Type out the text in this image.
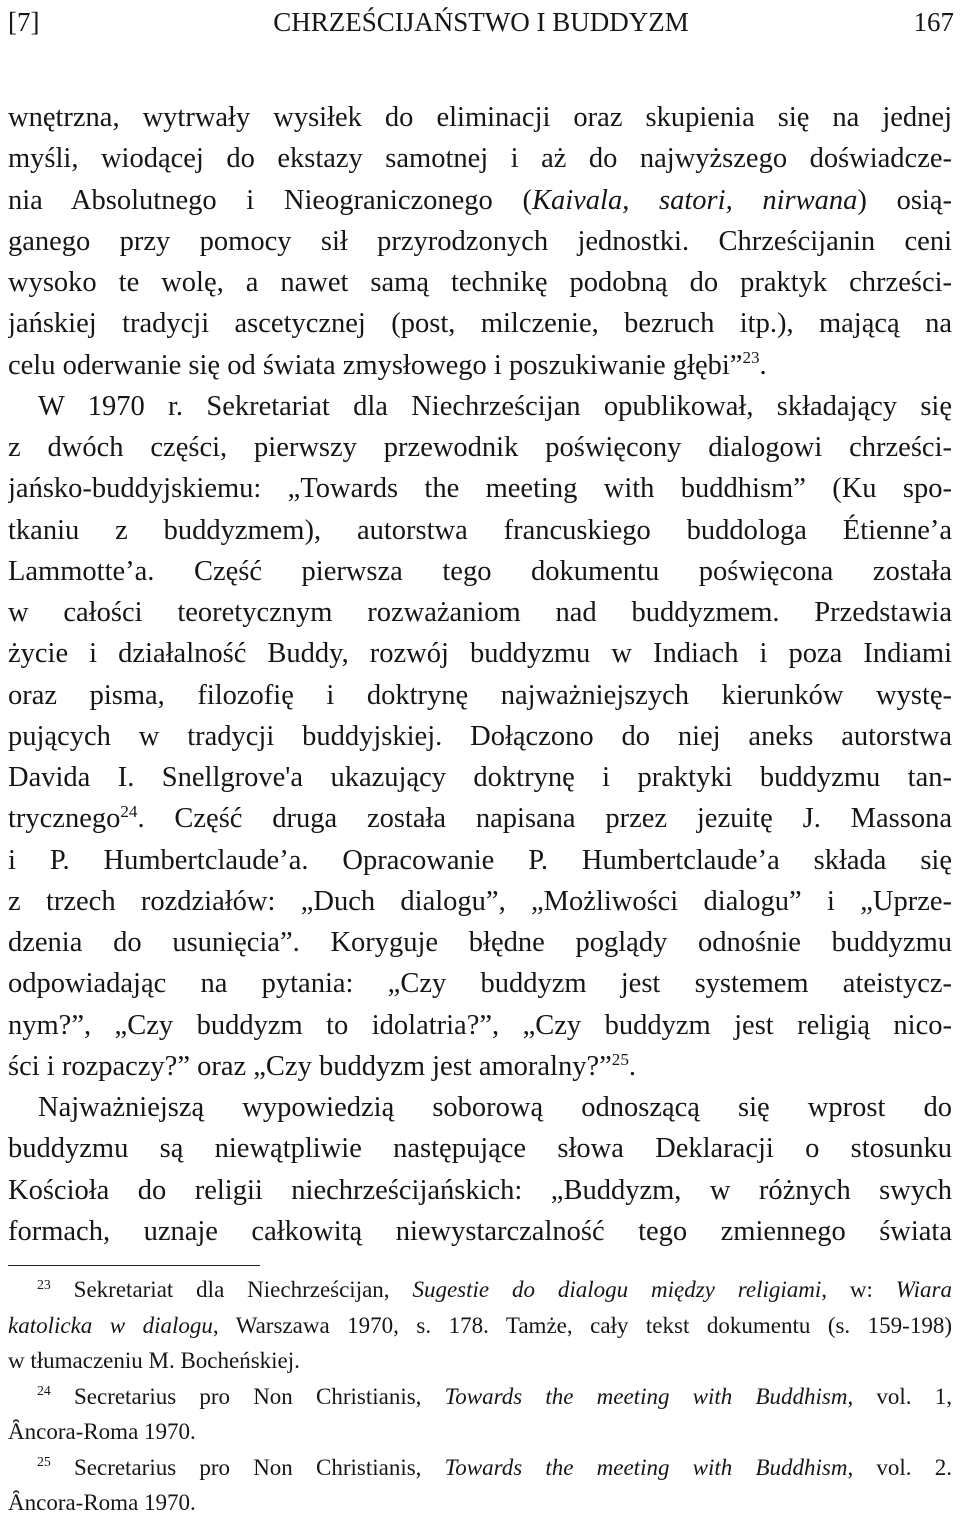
[7]	CHRZEŚCIJAŃSTWO I BUDDYZM	167
wnętrzna, wytrwały wysiłek do eliminacji oraz skupienia się na jednej
myśli, wiodącej do ekstazy samotnej i aż do najwyższego doświadcze-
nia Absolutnego i Nieograniczonego (Kaivala, satori, nirwana) osią-
ganego przy pomocy sił przyrodzonych jednostki. Chrześcijanin ceni
wysoko te wolę, a nawet samą technikę podobną do praktyk chrześci-
jańskiej tradycji ascetycznej (post, milczenie, bezruch itp.), mającą na
celu oderwanie się od świata zmysłowego i poszukiwanie głębi”$^{23}$.
W 1970 r. Sekretariat dla Niechrześcijan opublikował, składający się
z dwóch części, pierwszy przewodnik poświęcony dialogowi chrześci-
jańsko-buddyjskiemu: „Towards the meeting with buddhism” (Ku spo-
tkaniu z buddyzmem), autorstwa francuskiego buddologa Étienne’a
Lammotte’a. Część pierwsza tego dokumentu poświęcona została
w całości teoretycznym rozważaniom nad buddyzmem. Przedstawia
życie i działalność Buddy, rozwój buddyzmu w Indiach i poza Indiami
oraz pisma, filozofię i doktrynę najważniejszych kierunków wystę-
pujących w tradycji buddyjskiej. Dołączono do niej aneks autorstwa
Davida I. Snellgrove'a ukazujący doktrynę i praktyki buddyzmu tan-
trycznego$^{24}$. Część druga została napisana przez jezuitę J. Massona
i P. Humbertclaude’a. Opracowanie P. Humbertclaude’a składa się
z trzech rozdziałów: „Duch dialogu”, „Możliwości dialogu” i „Uprze-
dzenia do usunięcia”. Koryguje błędne poglądy odnośnie buddyzmu
odpowiadając na pytania: „Czy buddyzm jest systemem ateistycz-
nym?”, „Czy buddyzm to idolatria?”, „Czy buddyzm jest religią nico-
ści i rozpaczy?” oraz „Czy buddyzm jest amoralny?”$^{25}$.
Najważniejszą wypowiedzią soborową odnoszącą się wprost do
buddyzmu są niewątpliwie następujące słowa Deklaracji o stosunku
Kościoła do religii niechrześcijańskich: „Buddyzm, w różnych swych
formach, uznaje całkowitą niewystarczalność tego zmiennego świata
$^{23}$ Sekretariat dla Niechrześcijan, Sugestie do dialogu między religiami, w: Wiara
katolicka w dialogu, Warszawa 1970, s. 178. Tamże, cały tekst dokumentu (s. 159-198)
w tłumaczeniu M. Bocheńskiej.
$^{24}$ Secretarius pro Non Christianis, Towards the meeting with Buddhism, vol. 1,
Ȃncora-Roma 1970.
$^{25}$ Secretarius pro Non Christianis, Towards the meeting with Buddhism, vol. 2.
Ȃncora-Roma 1970.
